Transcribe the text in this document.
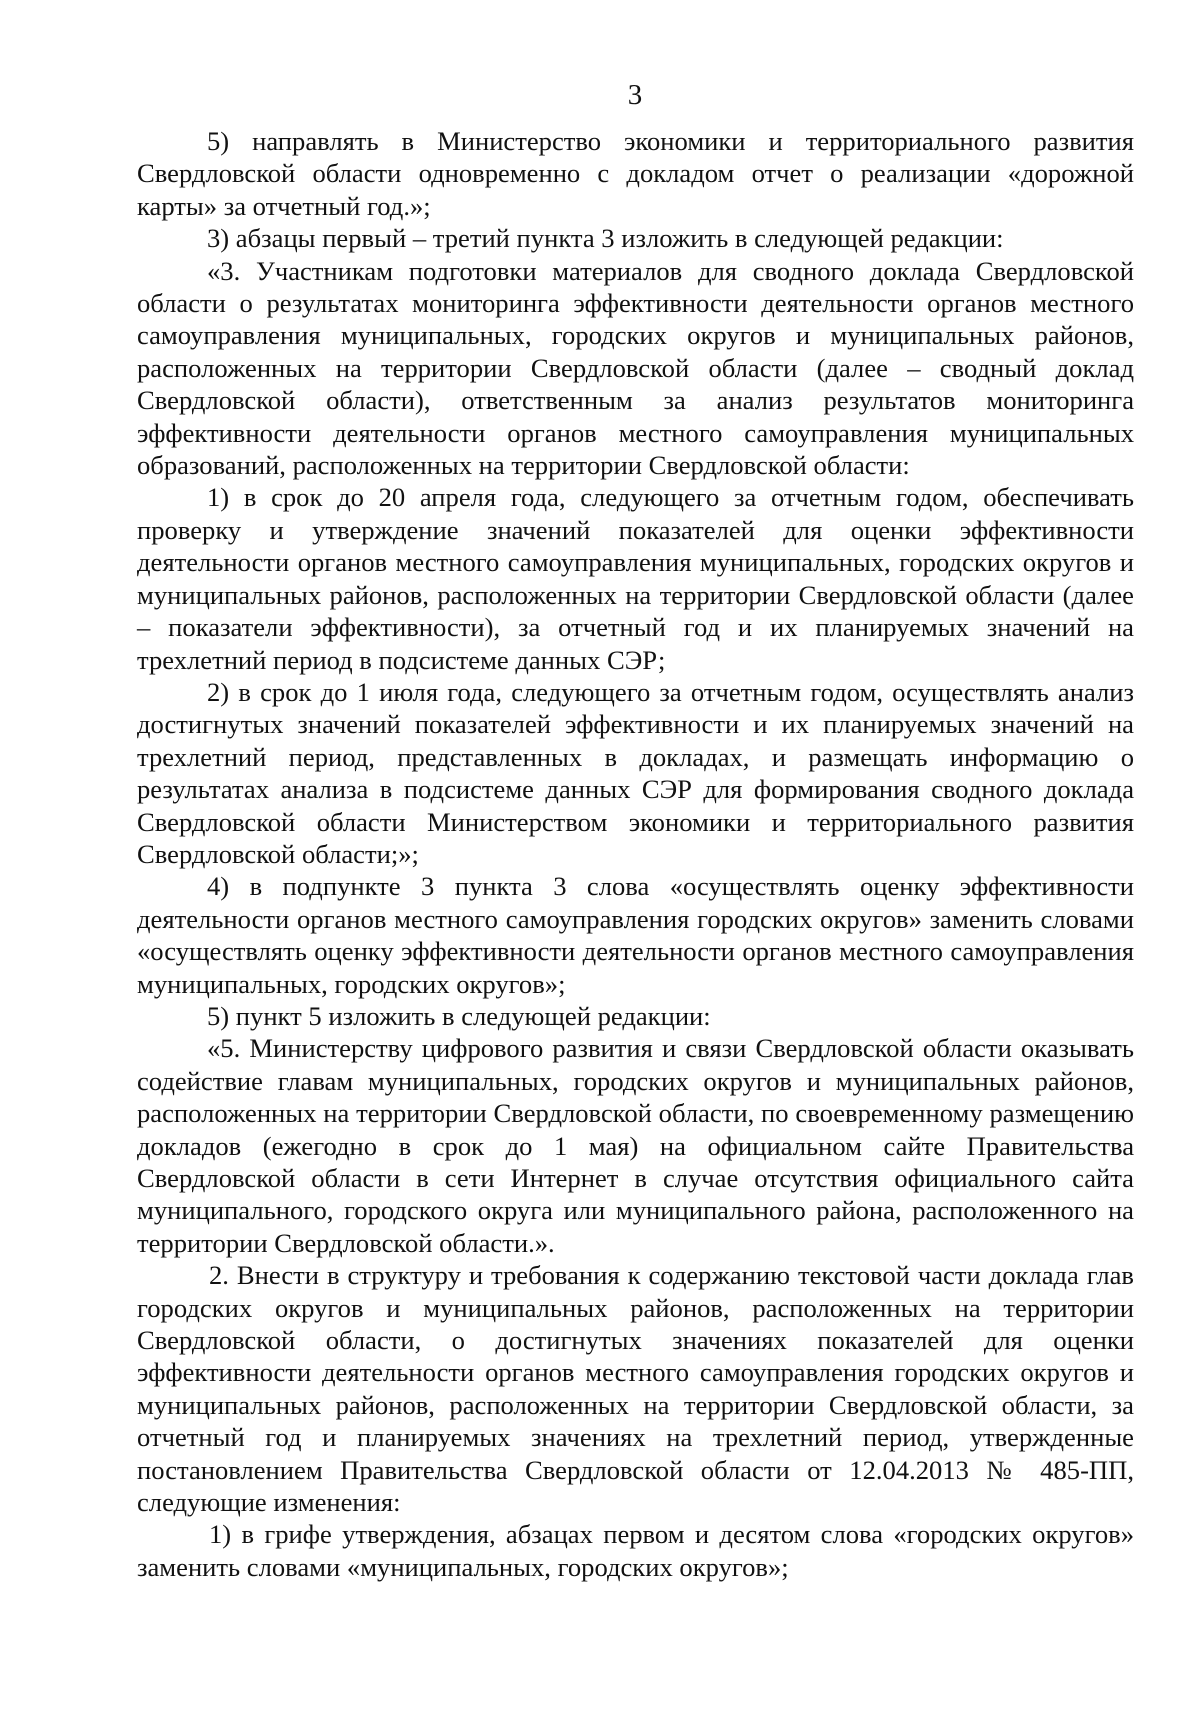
3

5) направлять в Министерство экономики и территориального развития Свердловской области одновременно с докладом отчет о реализации «дорожной карты» за отчетный год.»;

3) абзацы первый – третий пункта 3 изложить в следующей редакции:

«3. Участникам подготовки материалов для сводного доклада Свердловской области о результатах мониторинга эффективности деятельности органов местного самоуправления муниципальных, городских округов и муниципальных районов, расположенных на территории Свердловской области (далее – сводный доклад Свердловской области), ответственным за анализ результатов мониторинга эффективности деятельности органов местного самоуправления муниципальных образований, расположенных на территории Свердловской области:

1) в срок до 20 апреля года, следующего за отчетным годом, обеспечивать проверку и утверждение значений показателей для оценки эффективности деятельности органов местного самоуправления муниципальных, городских округов и муниципальных районов, расположенных на территории Свердловской области (далее – показатели эффективности), за отчетный год и их планируемых значений на трехлетний период в подсистеме данных СЭР;

2) в срок до 1 июля года, следующего за отчетным годом, осуществлять анализ достигнутых значений показателей эффективности и их планируемых значений на трехлетний период, представленных в докладах, и размещать информацию о результатах анализа в подсистеме данных СЭР для формирования сводного доклада Свердловской области Министерством экономики и территориального развития Свердловской области;»;

4) в подпункте 3 пункта 3 слова «осуществлять оценку эффективности деятельности органов местного самоуправления городских округов» заменить словами «осуществлять оценку эффективности деятельности органов местного самоуправления муниципальных, городских округов»;

5) пункт 5 изложить в следующей редакции:

«5. Министерству цифрового развития и связи Свердловской области оказывать содействие главам муниципальных, городских округов и муниципальных районов, расположенных на территории Свердловской области, по своевременному размещению докладов (ежегодно в срок до 1 мая) на официальном сайте Правительства Свердловской области в сети Интернет в случае отсутствия официального сайта муниципального, городского округа или муниципального района, расположенного на территории Свердловской области.».

2. Внести в структуру и требования к содержанию текстовой части доклада глав городских округов и муниципальных районов, расположенных на территории Свердловской области, о достигнутых значениях показателей для оценки эффективности деятельности органов местного самоуправления городских округов и муниципальных районов, расположенных на территории Свердловской области, за отчетный год и планируемых значениях на трехлетний период, утвержденные постановлением Правительства Свердловской области от 12.04.2013 № 485-ПП, следующие изменения:

1) в грифе утверждения, абзацах первом и десятом слова «городских округов» заменить словами «муниципальных, городских округов»;
